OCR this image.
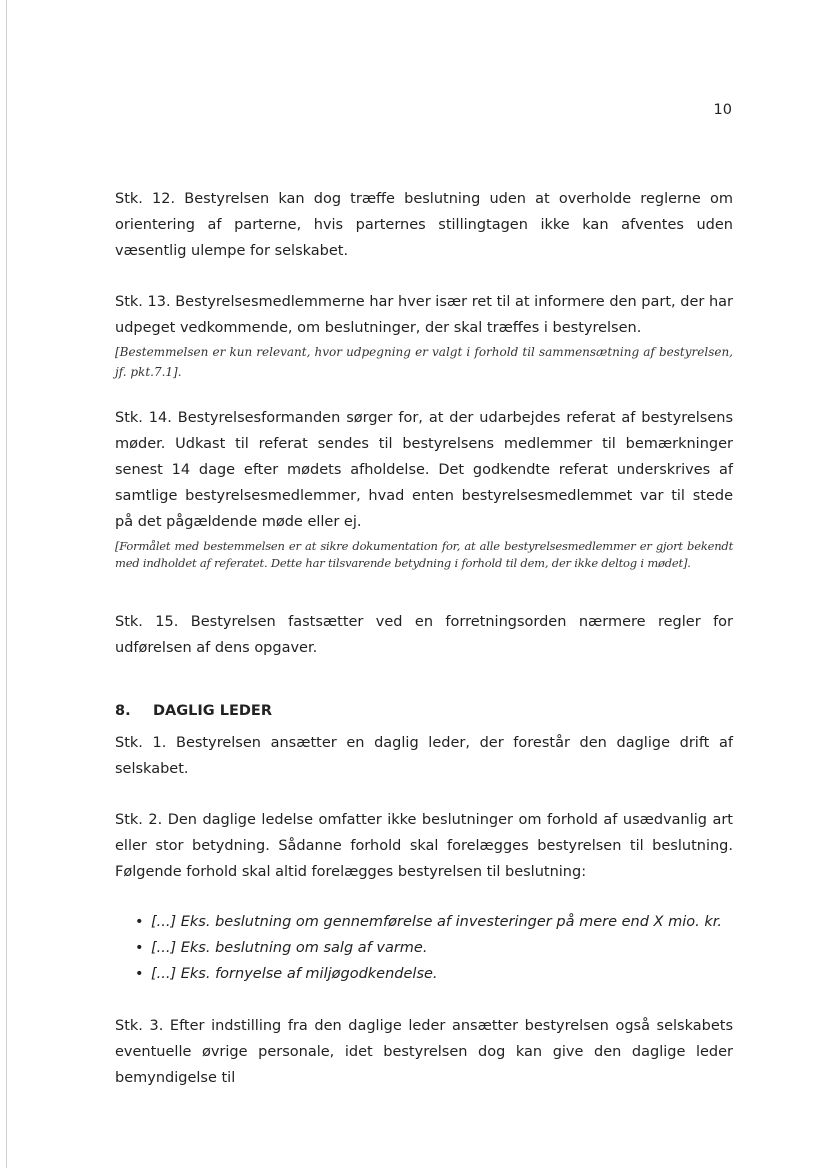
10

Stk. 12. Bestyrelsen kan dog træffe beslutning uden at overholde reglerne om orientering af parterne, hvis parternes stillingtagen ikke kan afventes uden væsentlig ulempe for selskabet.

Stk. 13. Bestyrelsesmedlemmerne har hver især ret til at informere den part, der har udpeget vedkommende, om beslutninger, der skal træffes i bestyrelsen.

[Bestemmelsen er kun relevant, hvor udpegning er valgt i forhold til sammensætning af bestyrelsen, jf. pkt.7.1].

Stk. 14. Bestyrelsesformanden sørger for, at der udarbejdes referat af bestyrelsens møder. Udkast til referat sendes til bestyrelsens medlemmer til bemærkninger senest 14 dage efter mødets afholdelse. Det godkendte referat underskrives af samtlige bestyrelsesmedlemmer, hvad enten bestyrelsesmedlemmet var til stede på det pågældende møde eller ej.

[Formålet med bestemmelsen er at sikre dokumentation for, at alle bestyrelsesmedlemmer er gjort bekendt med indholdet af referatet. Dette har tilsvarende betydning i forhold til dem, der ikke deltog i mødet].

Stk. 15. Bestyrelsen fastsætter ved en forretningsorden nærmere regler for udførelsen af dens opgaver.

8. DAGLIG LEDER

Stk. 1. Bestyrelsen ansætter en daglig leder, der forestår den daglige drift af selskabet.

Stk. 2. Den daglige ledelse omfatter ikke beslutninger om forhold af usædvanlig art eller stor betydning. Sådanne forhold skal forelægges bestyrelsen til beslutning. Følgende forhold skal altid forelægges bestyrelsen til beslutning:

• [...] Eks. beslutning om gennemførelse af investeringer på mere end X mio. kr.
• [...] Eks. beslutning om salg af varme.
• [...] Eks. fornyelse af miljøgodkendelse.

Stk. 3. Efter indstilling fra den daglige leder ansætter bestyrelsen også selskabets eventuelle øvrige personale, idet bestyrelsen dog kan give den daglige leder bemyndigelse til
